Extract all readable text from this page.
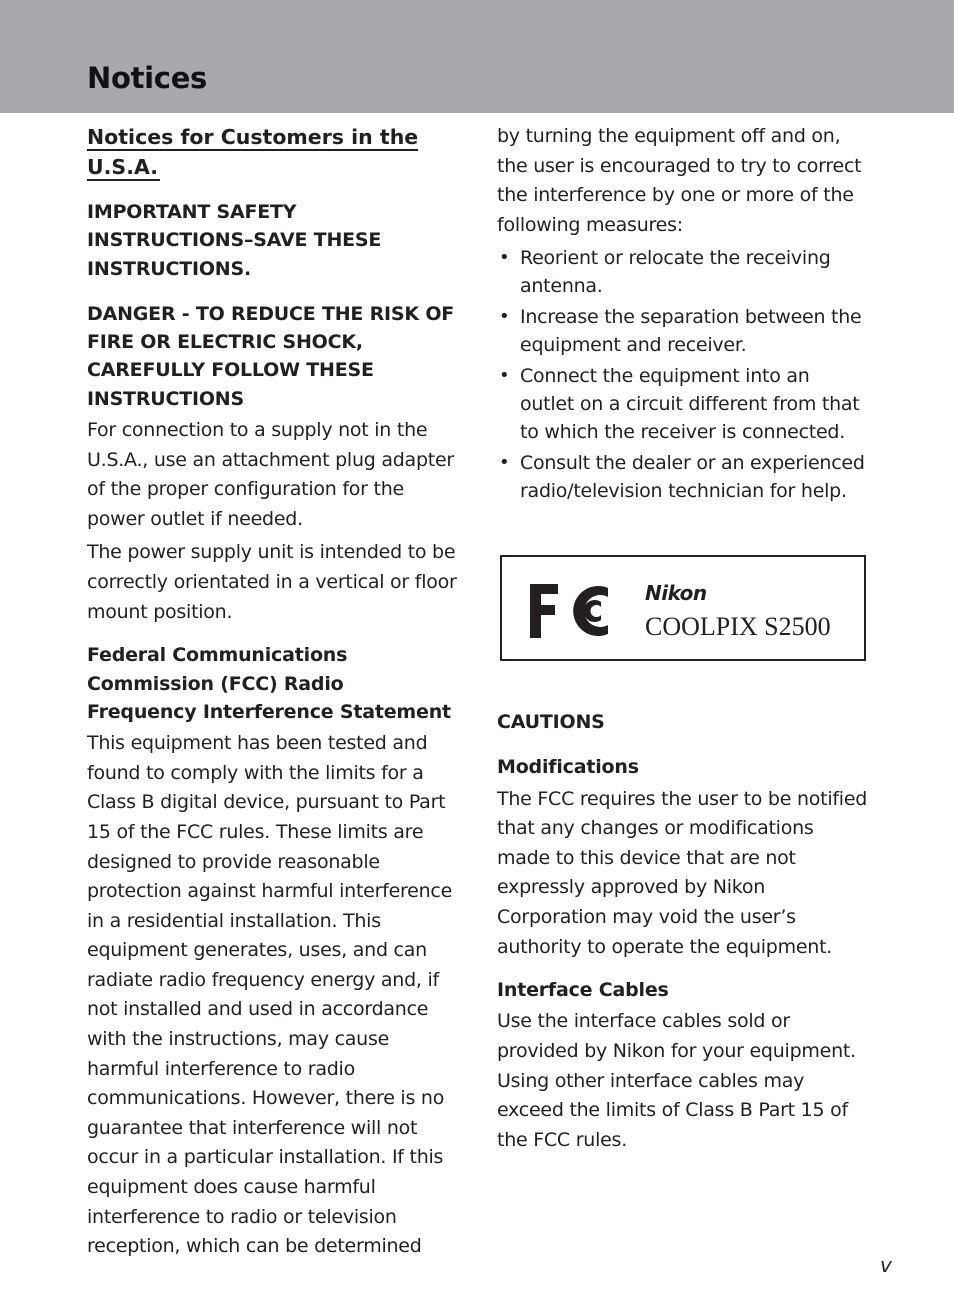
Notices
Notices for Customers in the U.S.A.
IMPORTANT SAFETY INSTRUCTIONS–SAVE THESE INSTRUCTIONS.
DANGER - TO REDUCE THE RISK OF FIRE OR ELECTRIC SHOCK, CAREFULLY FOLLOW THESE INSTRUCTIONS

For connection to a supply not in the U.S.A., use an attachment plug adapter of the proper configuration for the power outlet if needed.

The power supply unit is intended to be correctly orientated in a vertical or floor mount position.

Federal Communications Commission (FCC) Radio Frequency Interference Statement

This equipment has been tested and found to comply with the limits for a Class B digital device, pursuant to Part 15 of the FCC rules. These limits are designed to provide reasonable protection against harmful interference in a residential installation. This equipment generates, uses, and can radiate radio frequency energy and, if not installed and used in accordance with the instructions, may cause harmful interference to radio communications. However, there is no guarantee that interference will not occur in a particular installation. If this equipment does cause harmful interference to radio or television reception, which can be determined

by turning the equipment off and on, the user is encouraged to try to correct the interference by one or more of the following measures:

• Reorient or relocate the receiving antenna.
• Increase the separation between the equipment and receiver.
• Connect the equipment into an outlet on a circuit different from that to which the receiver is connected.
• Consult the dealer or an experienced radio/television technician for help.
Nikon
COOLPIX S2500
CAUTIONS
Modifications

The FCC requires the user to be notified that any changes or modifications made to this device that are not expressly approved by Nikon Corporation may void the user’s authority to operate the equipment.

Interface Cables

Use the interface cables sold or provided by Nikon for your equipment. Using other interface cables may exceed the limits of Class B Part 15 of the FCC rules.

v
